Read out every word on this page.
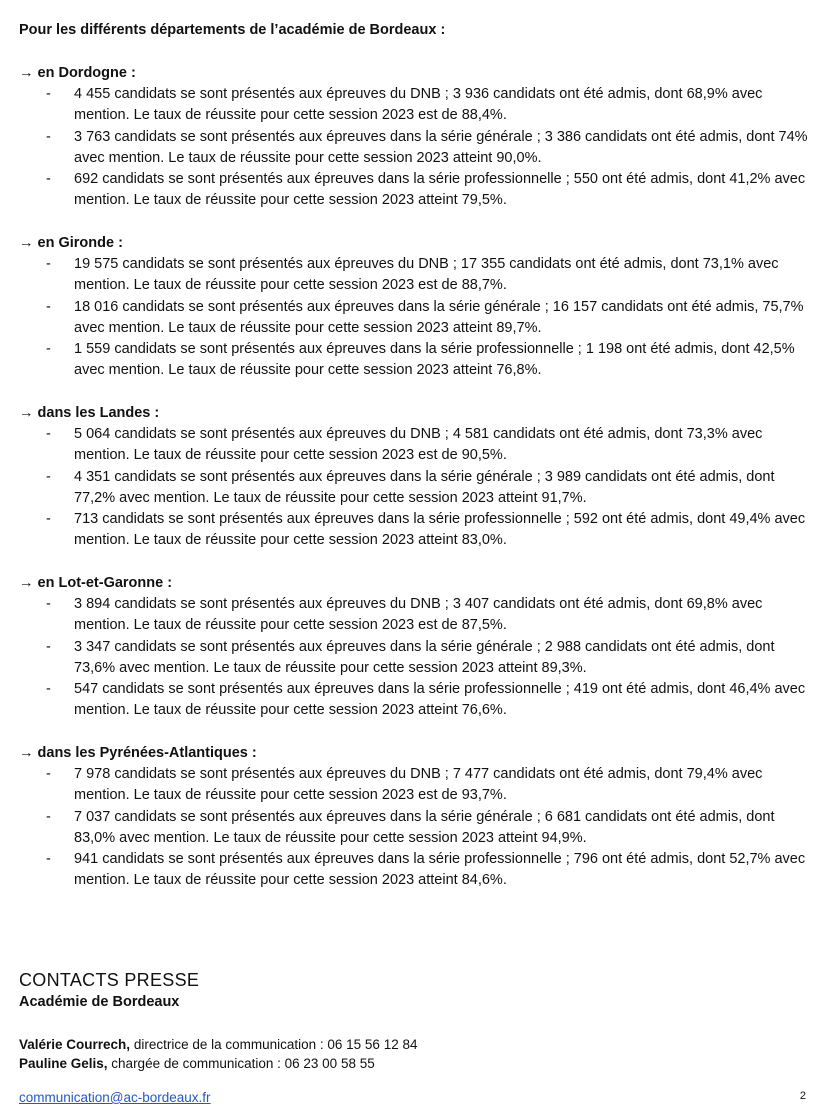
Pour les différents départements de l’académie de Bordeaux :
→ en Dordogne :
- 4 455 candidats se sont présentés aux épreuves du DNB ; 3 936 candidats ont été admis, dont 68,9% avec mention. Le taux de réussite pour cette session 2023 est de 88,4%.
- 3 763 candidats se sont présentés aux épreuves dans la série générale ; 3 386 candidats ont été admis, dont 74% avec mention. Le taux de réussite pour cette session 2023 atteint 90,0%.
- 692 candidats se sont présentés aux épreuves dans la série professionnelle ; 550 ont été admis, dont 41,2% avec mention. Le taux de réussite pour cette session 2023 atteint 79,5%.
→ en Gironde :
- 19 575 candidats se sont présentés aux épreuves du DNB ; 17 355 candidats ont été admis, dont 73,1% avec mention. Le taux de réussite pour cette session 2023 est de 88,7%.
- 18 016 candidats se sont présentés aux épreuves dans la série générale ; 16 157 candidats ont été admis, 75,7% avec mention. Le taux de réussite pour cette session 2023 atteint 89,7%.
- 1 559 candidats se sont présentés aux épreuves dans la série professionnelle ; 1 198 ont été admis, dont 42,5% avec mention. Le taux de réussite pour cette session 2023 atteint 76,8%.
→ dans les Landes :
- 5 064 candidats se sont présentés aux épreuves du DNB ; 4 581 candidats ont été admis, dont 73,3% avec mention. Le taux de réussite pour cette session 2023 est de 90,5%.
- 4 351 candidats se sont présentés aux épreuves dans la série générale ; 3 989 candidats ont été admis, dont 77,2% avec mention. Le taux de réussite pour cette session 2023 atteint 91,7%.
- 713 candidats se sont présentés aux épreuves dans la série professionnelle ; 592 ont été admis, dont 49,4% avec mention. Le taux de réussite pour cette session 2023 atteint 83,0%.
→ en Lot-et-Garonne :
- 3 894 candidats se sont présentés aux épreuves du DNB ; 3 407 candidats ont été admis, dont 69,8% avec mention. Le taux de réussite pour cette session 2023 est de 87,5%.
- 3 347 candidats se sont présentés aux épreuves dans la série générale ; 2 988 candidats ont été admis, dont 73,6% avec mention. Le taux de réussite pour cette session 2023 atteint 89,3%.
- 547 candidats se sont présentés aux épreuves dans la série professionnelle ; 419 ont été admis, dont 46,4% avec mention. Le taux de réussite pour cette session 2023 atteint 76,6%.
→ dans les Pyrénées-Atlantiques :
- 7 978 candidats se sont présentés aux épreuves du DNB ; 7 477 candidats ont été admis, dont 79,4% avec mention. Le taux de réussite pour cette session 2023 est de 93,7%.
- 7 037 candidats se sont présentés aux épreuves dans la série générale ; 6 681 candidats ont été admis, dont 83,0% avec mention. Le taux de réussite pour cette session 2023 atteint 94,9%.
- 941 candidats se sont présentés aux épreuves dans la série professionnelle ; 796 ont été admis, dont 52,7% avec mention. Le taux de réussite pour cette session 2023 atteint 84,6%.
CONTACTS PRESSE
Académie de Bordeaux
Valérie Courrech, directrice de la communication : 06 15 56 12 84
Pauline Gelis, chargée de communication : 06 23 00 58 55
communication@ac-bordeaux.fr	2
